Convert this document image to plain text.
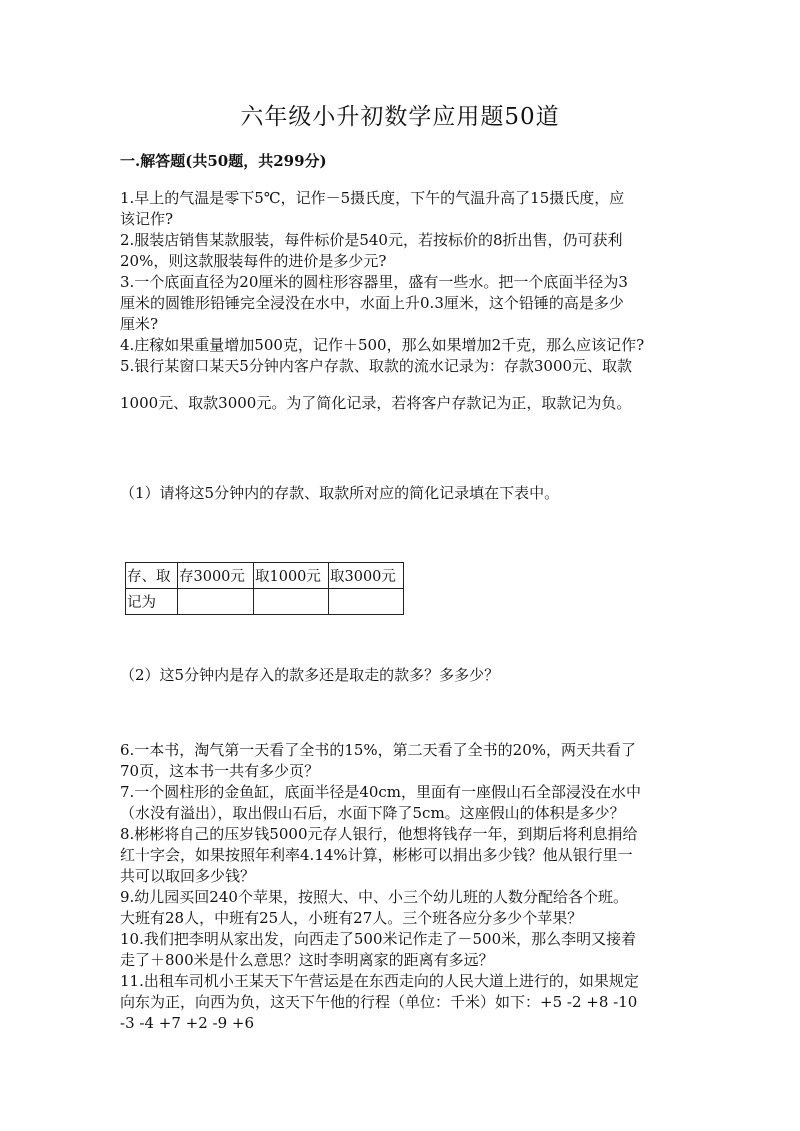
六年级小升初数学应用题50道
一.解答题(共50题，共299分)
1.早上的气温是零下5℃，记作－5摄氏度，下午的气温升高了15摄氏度，应
该记作?
2.服装店销售某款服装，每件标价是540元，若按标价的8折出售，仍可获利
20%，则这款服装每件的进价是多少元?
3.一个底面直径为20厘米的圆柱形容器里，盛有一些水。把一个底面半径为3
厘米的圆锥形铅锤完全浸没在水中，水面上升0.3厘米，这个铅锤的高是多少
厘米?
4.庄稼如果重量增加500克，记作＋500，那么如果增加2千克，那么应该记作?
5.银行某窗口某天5分钟内客户存款、取款的流水记录为：存款3000元、取款
1000元、取款3000元。为了简化记录，若将客户存款记为正，取款记为负。
（1）请将这5分钟内的存款、取款所对应的简化记录填在下表中。
存、取	存3000元	取1000元	取3000元
记为			
（2）这5分钟内是存入的款多还是取走的款多？多多少？
6.一本书，淘气第一天看了全书的15%，第二天看了全书的20%，两天共看了
70页，这本书一共有多少页？
7.一个圆柱形的金鱼缸，底面半径是40cm，里面有一座假山石全部浸没在水中
（水没有溢出），取出假山石后，水面下降了5cm。这座假山的体积是多少？
8.彬彬将自己的压岁钱5000元存人银行，他想将钱存一年，到期后将利息捐给
红十字会，如果按照年利率4.14%计算，彬彬可以捐出多少钱？他从银行里一
共可以取回多少钱？
9.幼儿园买回240个苹果，按照大、中、小三个幼儿班的人数分配给各个班。
大班有28人，中班有25人，小班有27人。三个班各应分多少个苹果？
10.我们把李明从家出发，向西走了500米记作走了－500米，那么李明又接着
走了＋800米是什么意思？这时李明离家的距离有多远？
11.出租车司机小王某天下午营运是在东西走向的人民大道上进行的，如果规定
向东为正，向西为负，这天下午他的行程（单位：千米）如下：+5 -2 +8 -10
-3 -4 +7 +2 -9 +6
